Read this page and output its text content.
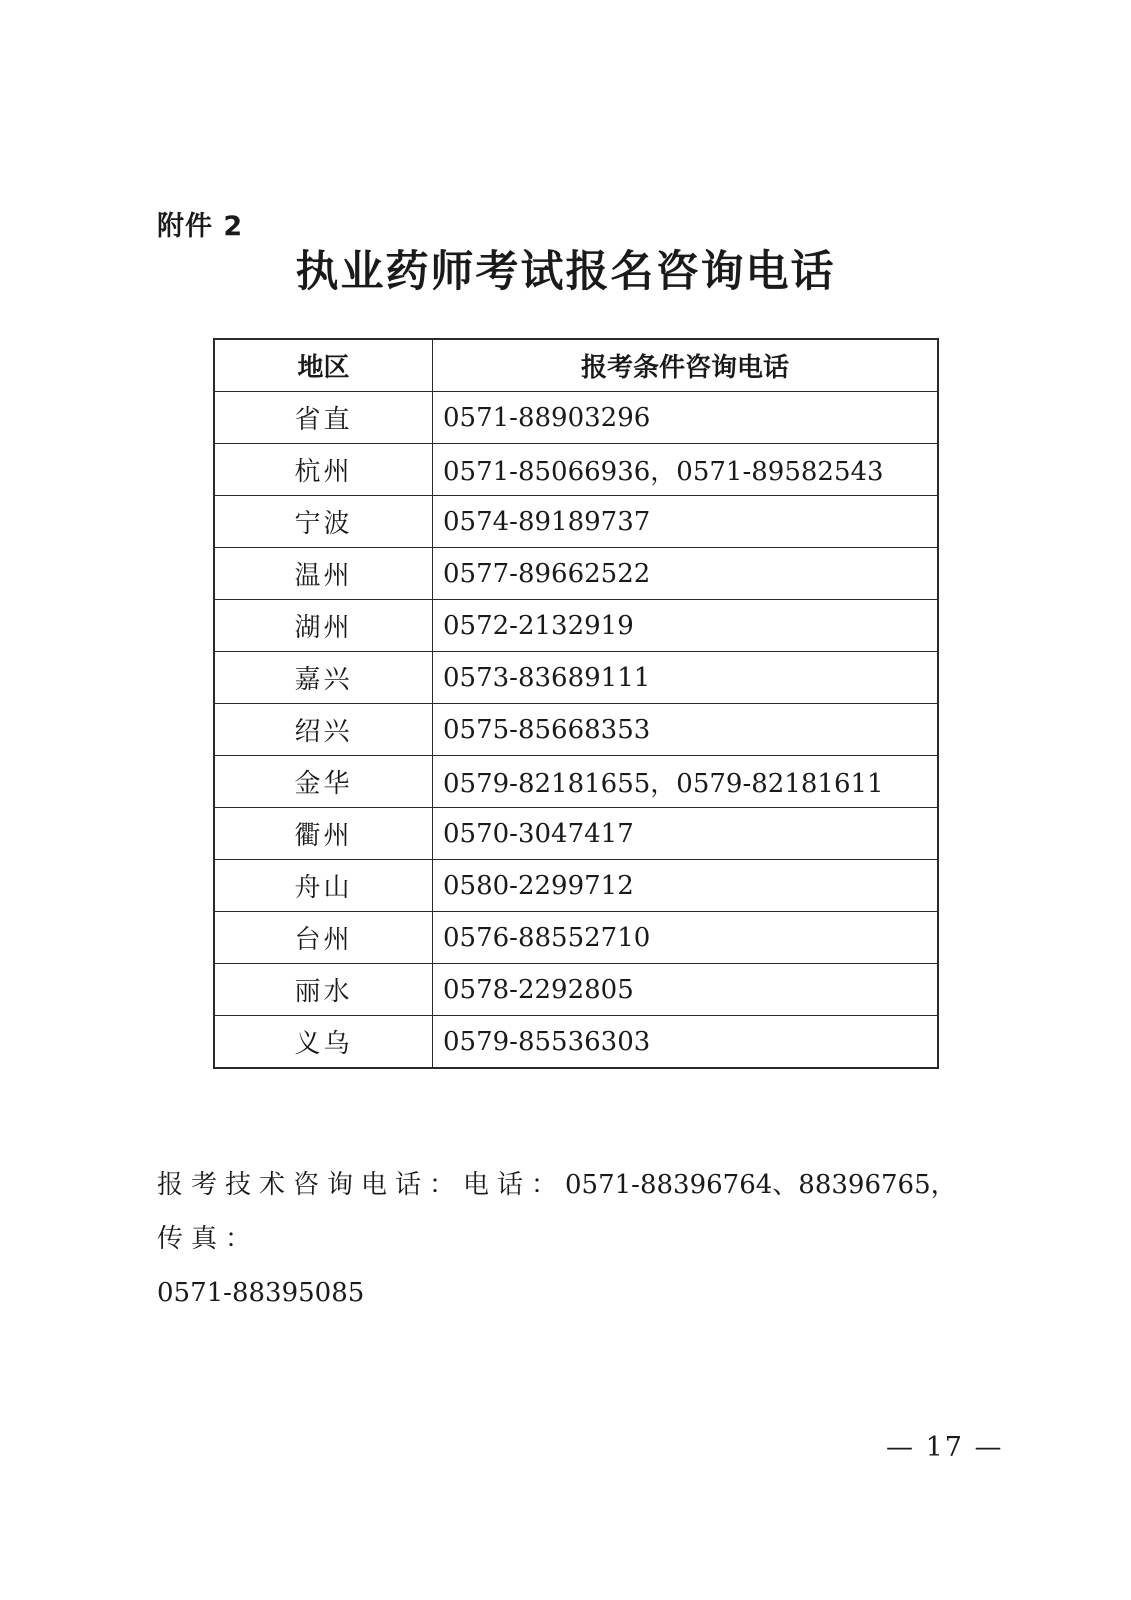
附件 2
执业药师考试报名咨询电话
地区	报考条件咨询电话
省直	0571-88903296
杭州	0571-85066936，0571-89582543
宁波	0574-89189737
温州	0577-89662522
湖州	0572-2132919
嘉兴	0573-83689111
绍兴	0575-85668353
金华	0579-82181655，0579-82181611
衢州	0570-3047417
舟山	0580-2299712
台州	0576-88552710
丽水	0578-2292805
义乌	0579-85536303
报考技术咨询电话：电话：0571-88396764、88396765， 传真：
0571-88395085
— 17 —
